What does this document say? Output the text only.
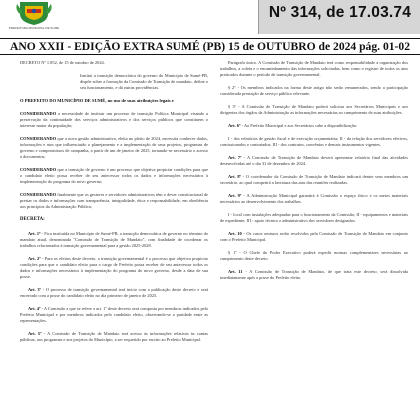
PREFEITURA MUNICIPAL DE SUMÉ
Nº 314, de 17.03.74
ANO XXII - EDIÇÃO EXTRA SUMÉ (PB) 15 de OUTUBRO de 2024 pág. 01-02

DECRETO Nº 1.852, de 15 de outubro de 2024.

Institui a transição democrática do governo do Município de Sumé-PB, dispõe sobre a formação da Comissão de Transição de mandato, define o seu funcionamento, e dá outras providências.

O PREFEITO DO MUNICÍPIO DE SUMÉ, no uso de suas atribuições legais e

CONSIDERANDO a necessidade de instituir um processo de transição Política Municipal visando a preservação da continuidade dos serviços administrativos e dos serviços públicos que constituem o interesse maior da população;

CONSIDERANDO que a nova gestão administrativa, eleita no pleito de 2024, necessita conhecer dados, informações e atos que influenciarão o planejamento e a implementação de seus projetos, programas de governo e compromissos de campanha, a partir de um de janeiro de 2025, tornando-se necessário o acesso a documentos;

CONSIDERANDO que a transição de governo é um processo que objetiva propiciar condições para que o candidato eleito possa receber de seu antecessor todos os dados e informações necessários à implementação do programa do novo governo;

CONSIDERANDO finalmente que os gestores e servidores administrativos têm o dever constitucional de prestar os dados e informações com transparência, integralidade, ética e responsabilidade, em obediência aos princípios da Administração Pública;

DECRETA:

Art. 1º - Fica instituída no Município de Sumé-PB, a transição democrática de governo no término do mandato atual, denominada "Comissão de Transição de Mandato", com finalidade de coordenar os trabalhos relacionados à transição governamental para a gestão 2025-2028.

Art. 2º - Para os efeitos deste decreto, a transição governamental é o processo que objetiva propiciar condições para que o candidato eleito para o cargo de Prefeito possa receber de seu antecessor todos os dados e informações necessários à implementação do programa do novo governo, desde a data de sua posse.

Art. 3º - O processo de transição governamental terá início com a publicação deste decreto e será encerrado com a posse do candidato eleito no dia primeiro de janeiro de 2025.

Art. 4º - A Comissão a que se refere o art. 1º deste decreto será composta por membros indicados pelo Prefeito Municipal e por membros indicados pelo candidato eleito, observando-se a paridade entre as representações.

Art. 5º - A Comissão de Transição de Mandato terá acesso às informações relativas às contas públicas, aos programas e aos projetos do Município, a ser requerido por escrito ao Prefeito Municipal.

Parágrafo único. A Comissão de Transição de Mandato terá como responsabilidade a organização dos trabalhos, a coleta e o encaminhamento das informações solicitadas, bem como o registro de todos os atos praticados durante o período de transição governamental.

§ 2º - Os membros indicados na forma deste artigo não serão remunerados, sendo a participação considerada prestação de serviço público relevante.

§ 3º - A Comissão de Transição de Mandato poderá solicitar aos Secretários Municipais e aos dirigentes dos órgãos da Administração as informações necessárias ao cumprimento de suas atribuições.

Art. 6º - Ao Prefeito Municipal e aos Secretários cabe a disponibilização:

I - dos relatórios de gestão fiscal e de execução orçamentária; II - da relação dos servidores efetivos, comissionados e contratados; III - dos contratos, convênios e demais instrumentos vigentes.

Art. 7º - A Comissão de Transição de Mandato deverá apresentar relatório final das atividades desenvolvidas até o dia 31 de dezembro de 2024.

Art. 8º - O coordenador da Comissão de Transição de Mandato indicará dentre seus membros um secretário, ao qual competirá a lavratura das atas das reuniões realizadas.

Art. 9º - A Administração Municipal garantirá à Comissão o espaço físico e os meios materiais necessários ao desenvolvimento dos trabalhos.

I - local com instalações adequadas para o funcionamento da Comissão; II - equipamentos e materiais de expediente; III - apoio técnico e administrativo dos servidores designados.

Art. 10 - Os casos omissos serão resolvidos pela Comissão de Transição de Mandato em conjunto com o Prefeito Municipal.

§ 1º - O Chefe do Poder Executivo poderá expedir normas complementares necessárias ao cumprimento deste decreto.

Art. 11 - A Comissão de Transição de Mandato, de que trata este decreto, será dissolvida imediatamente após a posse do Prefeito eleito.
